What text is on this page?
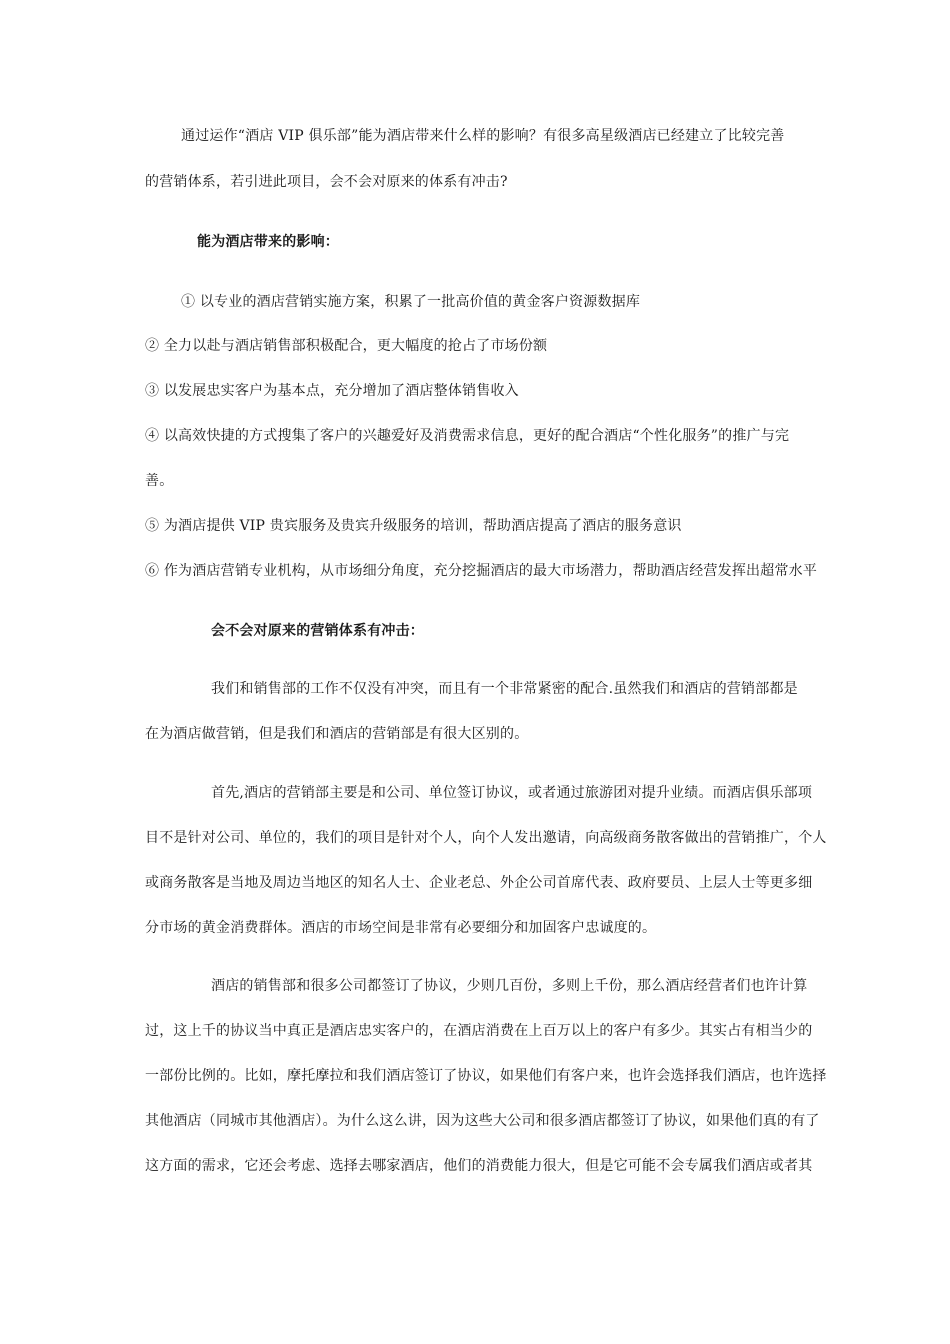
通过运作“酒店 VIP 俱乐部”能为酒店带来什么样的影响？有很多高星级酒店已经建立了比较完善
的营销体系，若引进此项目，会不会对原来的体系有冲击?
能为酒店带来的影响：
① 以专业的酒店营销实施方案，积累了一批高价值的黄金客户资源数据库
② 全力以赴与酒店销售部积极配合，更大幅度的抢占了市场份额
③ 以发展忠实客户为基本点，充分增加了酒店整体销售收入
④ 以高效快捷的方式搜集了客户的兴趣爱好及消费需求信息，更好的配合酒店“个性化服务”的推广与完
善。
⑤ 为酒店提供 VIP 贵宾服务及贵宾升级服务的培训，帮助酒店提高了酒店的服务意识
⑥ 作为酒店营销专业机构，从市场细分角度，充分挖掘酒店的最大市场潜力，帮助酒店经营发挥出超常水平
会不会对原来的营销体系有冲击：
我们和销售部的工作不仅没有冲突，而且有一个非常紧密的配合.虽然我们和酒店的营销部都是
在为酒店做营销，但是我们和酒店的营销部是有很大区别的。
首先,酒店的营销部主要是和公司、单位签订协议，或者通过旅游团对提升业绩。而酒店俱乐部项
目不是针对公司、单位的，我们的项目是针对个人，向个人发出邀请，向高级商务散客做出的营销推广，个人
或商务散客是当地及周边当地区的知名人士、企业老总、外企公司首席代表、政府要员、上层人士等更多细
分市场的黄金消费群体。酒店的市场空间是非常有必要细分和加固客户忠诚度的。
酒店的销售部和很多公司都签订了协议，少则几百份，多则上千份，那么酒店经营者们也许计算
过，这上千的协议当中真正是酒店忠实客户的，在酒店消费在上百万以上的客户有多少。其实占有相当少的
一部份比例的。比如，摩托摩拉和我们酒店签订了协议，如果他们有客户来，也许会选择我们酒店，也许选择
其他酒店（同城市其他酒店）。为什么这么讲，因为这些大公司和很多酒店都签订了协议，如果他们真的有了
这方面的需求，它还会考虑、选择去哪家酒店，他们的消费能力很大，但是它可能不会专属我们酒店或者其
